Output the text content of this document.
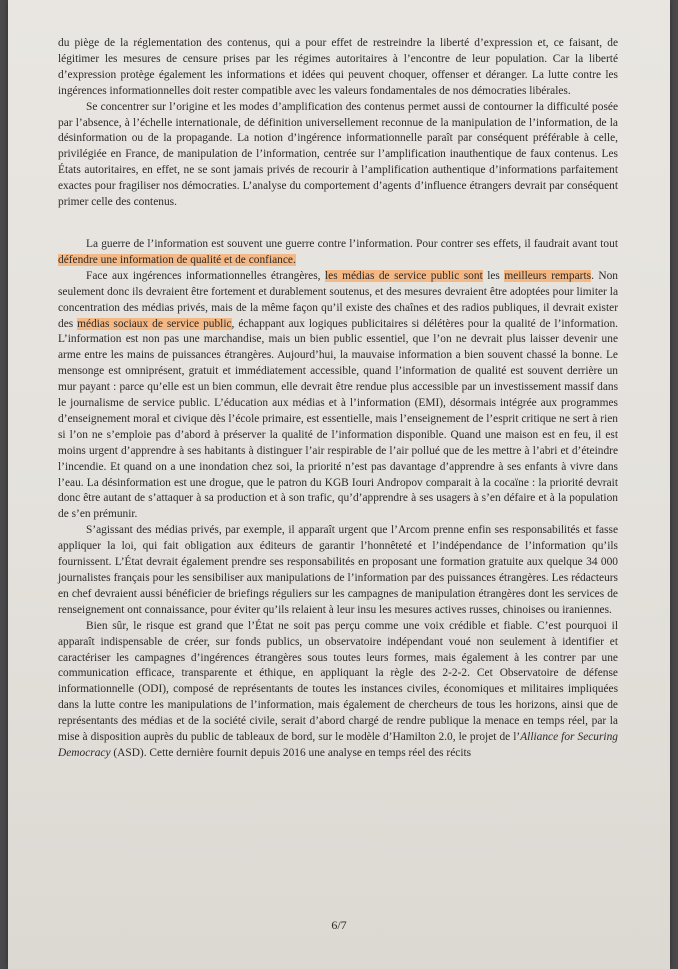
du piège de la réglementation des contenus, qui a pour effet de restreindre la liberté d’expression et, ce faisant, de légitimer les mesures de censure prises par les régimes autoritaires à l’encontre de leur population. Car la liberté d’expression protège également les informations et idées qui peuvent choquer, offenser et déranger. La lutte contre les ingérences informationnelles doit rester compatible avec les valeurs fondamentales de nos démocraties libérales.

Se concentrer sur l’origine et les modes d’amplification des contenus permet aussi de contourner la difficulté posée par l’absence, à l’échelle internationale, de définition universellement reconnue de la manipulation de l’information, de la désinformation ou de la propagande. La notion d’ingérence informationnelle paraît par conséquent préférable à celle, privilégiée en France, de manipulation de l’information, centrée sur l’amplification inauthentique de faux contenus. Les États autoritaires, en effet, ne se sont jamais privés de recourir à l’amplification authentique d’informations parfaitement exactes pour fragiliser nos démocraties. L’analyse du comportement d’agents d’influence étrangers devrait par conséquent primer celle des contenus.

La guerre de l’information est souvent une guerre contre l’information. Pour contrer ses effets, il faudrait avant tout défendre une information de qualité et de confiance.

Face aux ingérences informationnelles étrangères, les médias de service public sont les meilleurs remparts. Non seulement donc ils devraient être fortement et durablement soutenus, et des mesures devraient être adoptées pour limiter la concentration des médias privés, mais de la même façon qu’il existe des chaînes et des radios publiques, il devrait exister des médias sociaux de service public, échappant aux logiques publicitaires si délétères pour la qualité de l’information. L’information est non pas une marchandise, mais un bien public essentiel, que l’on ne devrait plus laisser devenir une arme entre les mains de puissances étrangères. Aujourd’hui, la mauvaise information a bien souvent chassé la bonne. Le mensonge est omniprésent, gratuit et immédiatement accessible, quand l’information de qualité est souvent derrière un mur payant : parce qu’elle est un bien commun, elle devrait être rendue plus accessible par un investissement massif dans le journalisme de service public. L’éducation aux médias et à l’information (EMI), désormais intégrée aux programmes d’enseignement moral et civique dès l’école primaire, est essentielle, mais l’enseignement de l’esprit critique ne sert à rien si l’on ne s’emploie pas d’abord à préserver la qualité de l’information disponible. Quand une maison est en feu, il est moins urgent d’apprendre à ses habitants à distinguer l’air respirable de l’air pollué que de les mettre à l’abri et d’éteindre l’incendie. Et quand on a une inondation chez soi, la priorité n’est pas davantage d’apprendre à ses enfants à vivre dans l’eau. La désinformation est une drogue, que le patron du KGB Iouri Andropov comparait à la cocaïne : la priorité devrait donc être autant de s’attaquer à sa production et à son trafic, qu’d’apprendre à ses usagers à s’en défaire et à la population de s’en prémunir.

S’agissant des médias privés, par exemple, il apparaît urgent que l’Arcom prenne enfin ses responsabilités et fasse appliquer la loi, qui fait obligation aux éditeurs de garantir l’honnêteté et l’indépendance de l’information qu’ils fournissent. L’État devrait également prendre ses responsabilités en proposant une formation gratuite aux quelque 34 000 journalistes français pour les sensibiliser aux manipulations de l’information par des puissances étrangères. Les rédacteurs en chef devraient aussi bénéficier de briefings réguliers sur les campagnes de manipulation étrangères dont les services de renseignement ont connaissance, pour éviter qu’ils relaient à leur insu les mesures actives russes, chinoises ou iraniennes.

Bien sûr, le risque est grand que l’État ne soit pas perçu comme une voix crédible et fiable. C’est pourquoi il apparaît indispensable de créer, sur fonds publics, un observatoire indépendant voué non seulement à identifier et caractériser les campagnes d’ingérences étrangères sous toutes leurs formes, mais également à les contrer par une communication efficace, transparente et éthique, en appliquant la règle des 2-2-2. Cet Observatoire de défense informationnelle (ODI), composé de représentants de toutes les instances civiles, économiques et militaires impliquées dans la lutte contre les manipulations de l’information, mais également de chercheurs de tous les horizons, ainsi que de représentants des médias et de la société civile, serait d’abord chargé de rendre publique la menace en temps réel, par la mise à disposition auprès du public de tableaux de bord, sur le modèle d’Hamilton 2.0, le projet de l’Alliance for Securing Democracy (ASD). Cette dernière fournit depuis 2016 une analyse en temps réel des récits

6/7
